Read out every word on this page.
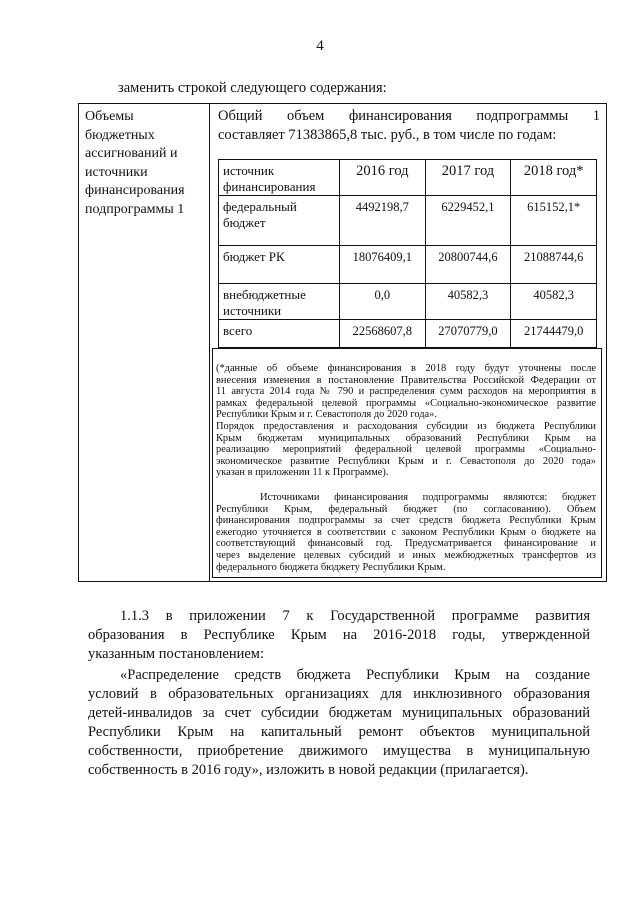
4
заменить строкой следующего содержания:
Объемы
бюджетных
ассигнований и
источники
финансирования
подпрограммы 1
Общий объем финансирования подпрограммы 1
составляет 71383865,8 тыс. руб., в том числе по годам:
источник финансирования	2016 год	2017 год	2018 год*
федеральный бюджет	4492198,7	6229452,1	615152,1*
бюджет РК	18076409,1	20800744,6	21088744,6
внебюджетные источники	0,0	40582,3	40582,3
всего	22568607,8	27070779,0	21744479,0
(*данные об объеме финансирования в 2018 году будут уточнены после
внесения изменения в постановление Правительства Российской Федерации от
11 августа 2014 года № 790 и распределения сумм расходов на мероприятия в
рамках федеральной целевой программы «Социально-экономическое развитие
Республики Крым и г. Севастополя до 2020 года».
Порядок предоставления и расходования субсидии из бюджета Республики
Крым бюджетам муниципальных образований Республики Крым на
реализацию мероприятий федеральной целевой программы «Социально-
экономическое развитие Республики Крым и г. Севастополя до 2020 года»
указан в приложении 11 к Программе).
Источниками финансирования подпрограммы являются: бюджет
Республики Крым, федеральный бюджет (по согласованию). Объем
финансирования подпрограммы за счет средств бюджета Республики Крым
ежегодно уточняется в соответствии с законом Республики Крым о бюджете на
соответствующий финансовый год. Предусматривается финансирование и
через выделение целевых субсидий и иных межбюджетных трансфертов из
федерального бюджета бюджету Республики Крым.
1.1.3 в приложении 7 к Государственной программе развития
образования в Республике Крым на 2016-2018 годы, утвержденной
указанным постановлением:
«Распределение средств бюджета Республики Крым на создание
условий в образовательных организациях для инклюзивного образования
детей-инвалидов за счет субсидии бюджетам муниципальных образований
Республики Крым на капитальный ремонт объектов муниципальной
собственности, приобретение движимого имущества в муниципальную
собственность в 2016 году», изложить в новой редакции (прилагается).
